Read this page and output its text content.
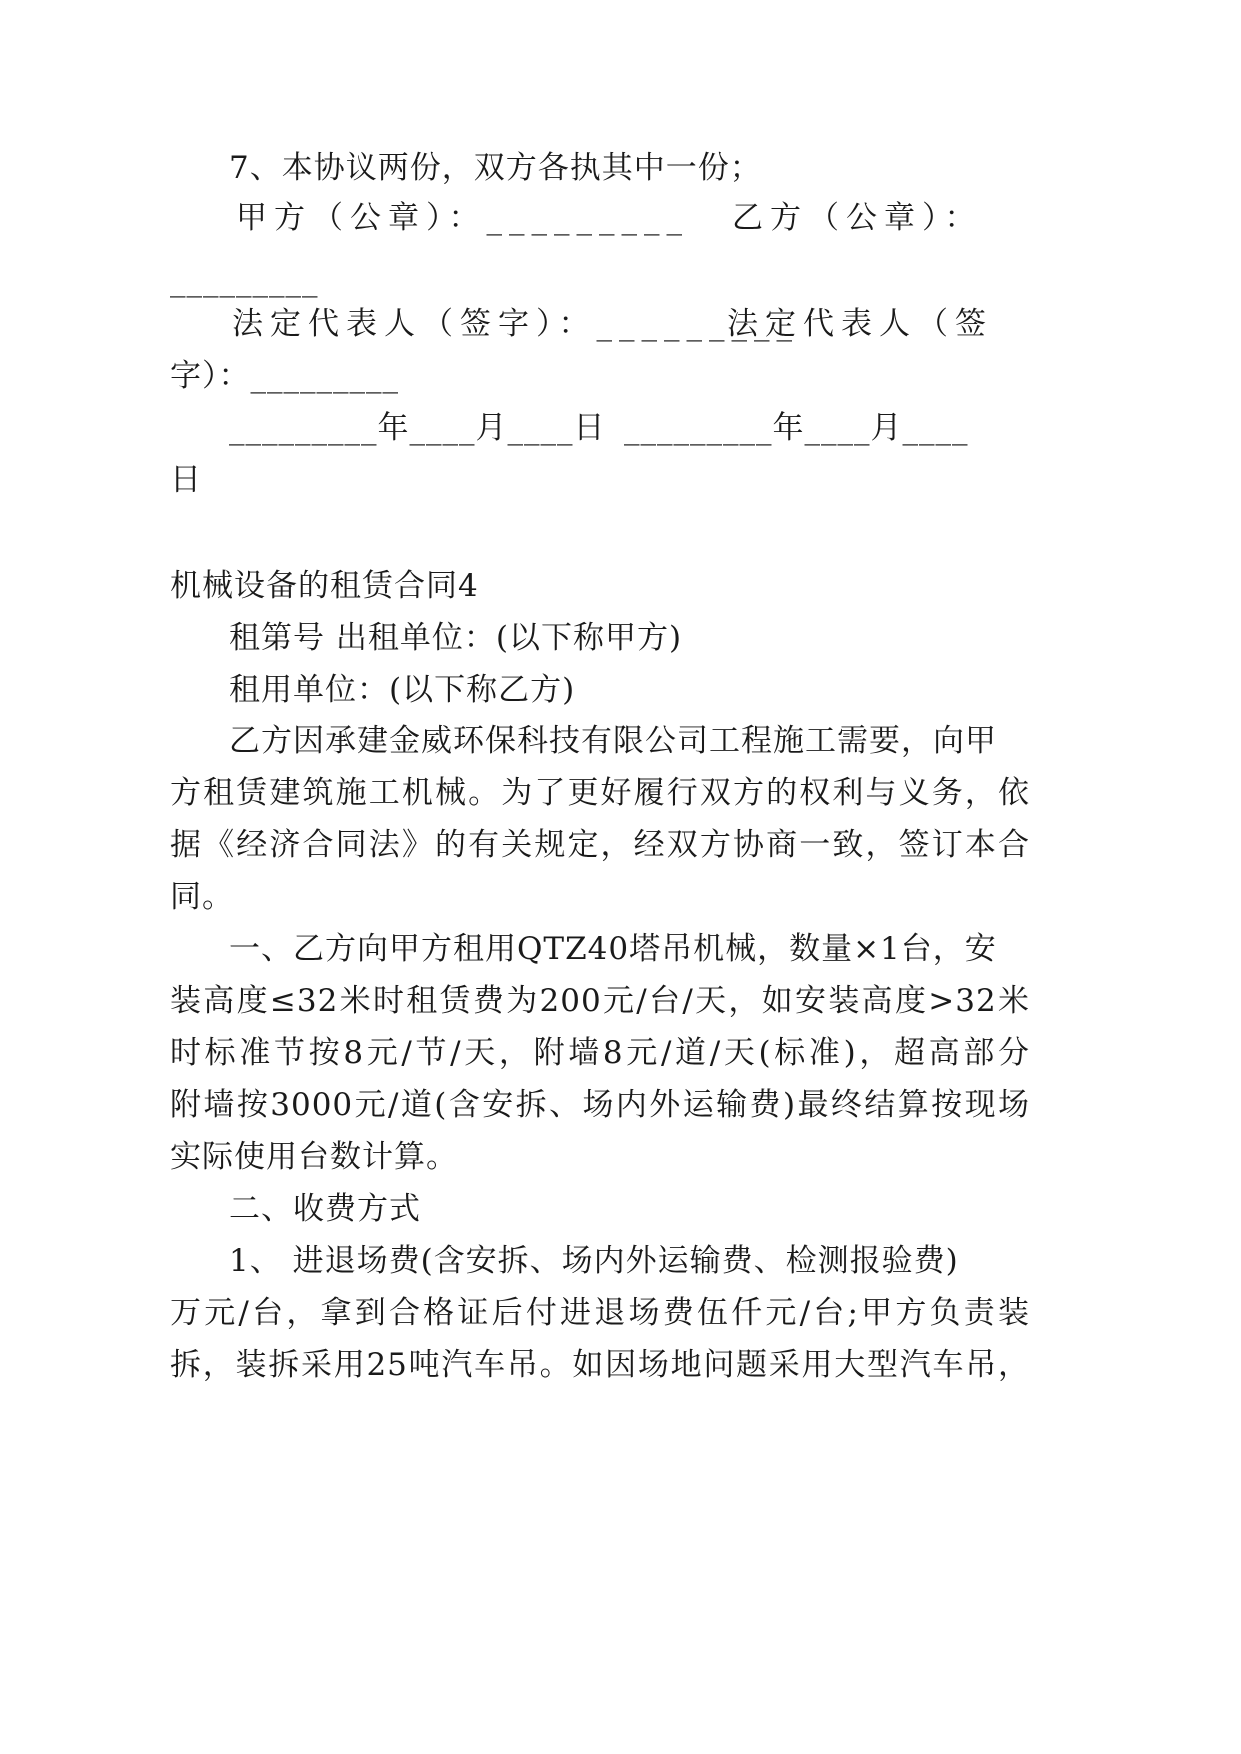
7、本协议两份，双方各执其中一份；
甲方（公章）：_________ 乙方（公章）：
_________
法定代表人（签字）：_________
法定代表人（签
字）：_________
_________年____月____日 _________年____月____
日
机械设备的租赁合同4
租第号 出租单位：(以下称甲方)
租用单位：(以下称乙方)
乙方因承建金威环保科技有限公司工程施工需要，向甲
方租赁建筑施工机械。为了更好履行双方的权利与义务，依
据《经济合同法》的有关规定，经双方协商一致，签订本合
同。
一、乙方向甲方租用QTZ40塔吊机械，数量×1台，安
装高度≤32米时租赁费为200元/台/天，如安装高度>32米
时标准节按8元/节/天，附墙8元/道/天(标准)，超高部分
附墙按3000元/道(含安拆、场内外运输费)最终结算按现场
实际使用台数计算。
二、收费方式
1、 进退场费(含安拆、场内外运输费、检测报验费)
万元/台，拿到合格证后付进退场费伍仟元/台;甲方负责装
拆，装拆采用25吨汽车吊。如因场地问题采用大型汽车吊，
